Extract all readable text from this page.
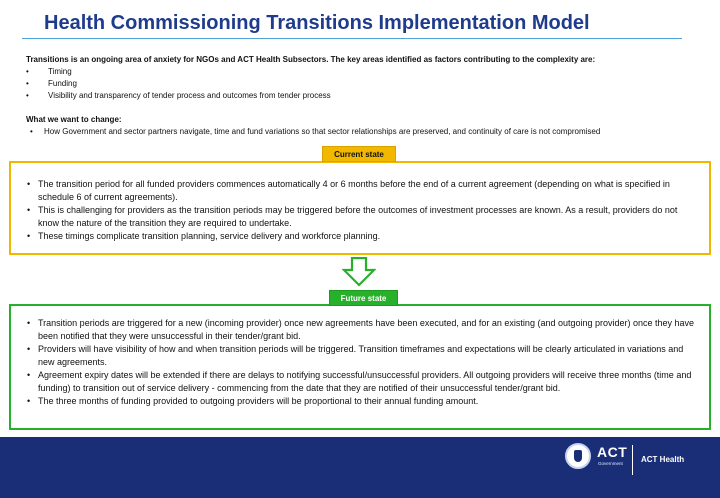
Health Commissioning Transitions Implementation Model
Transitions is an ongoing area of anxiety for NGOs and ACT Health Subsectors. The key areas identified as factors contributing to the complexity are:
• Timing
• Funding
• Visibility and transparency of tender process and outcomes from tender process
What we want to change:
• How Government and sector partners navigate, time and fund variations so that sector relationships are preserved, and continuity of care is not compromised
• The transition period for all funded providers commences automatically 4 or 6 months before the end of a current agreement (depending on what is specified in schedule 6 of current agreements).
• This is challenging for providers as the transition periods may be triggered before the outcomes of investment processes are known. As a result, providers do not know the nature of the transition they are required to undertake.
• These timings complicate transition planning, service delivery and workforce planning.
Current state
• Transition periods are triggered for a new (incoming provider) once new agreements have been executed, and for an existing (and outgoing provider) once they have been notified that they were unsuccessful in their tender/grant bid.
• Providers will have visibility of how and when transition periods will be triggered. Transition timeframes and expectations will be clearly articulated in variations and new agreements.
• Agreement expiry dates will be extended if there are delays to notifying successful/unsuccessful providers. All outgoing providers will receive three months (time and funding) to transition out of service delivery - commencing from the date that they are notified of their unsuccessful tender/grant bid.
• The three months of funding provided to outgoing providers will be proportional to their annual funding amount.
Future state
ACT
Government ACT Health
